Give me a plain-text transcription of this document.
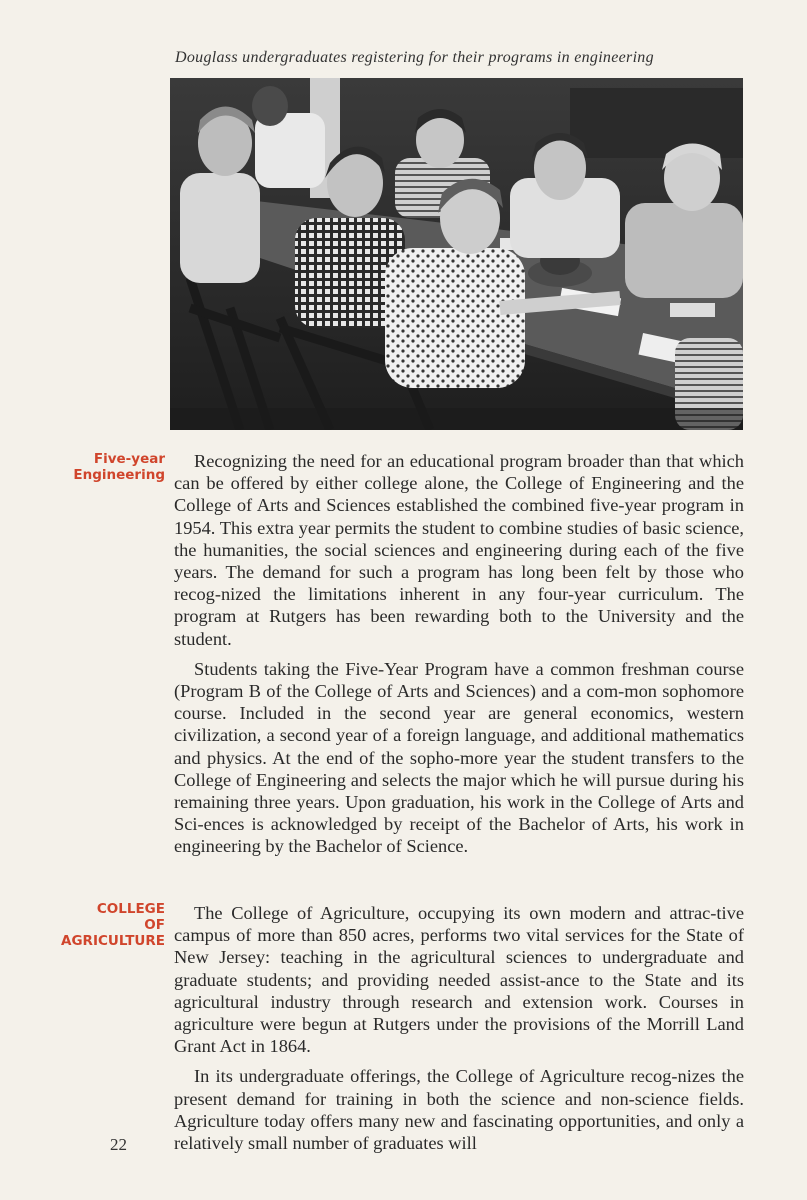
Douglass undergraduates registering for their programs in engineering
Five-year
Engineering

Recognizing the need for an educational program broader than that which can be offered by either college alone, the College of Engineering and the College of Arts and Sciences established the combined five-year program in 1954. This extra year permits the student to combine studies of basic science, the humanities, the social sciences and engineering during each of the five years. The demand for such a program has long been felt by those who recog-nized the limitations inherent in any four-year curriculum. The program at Rutgers has been rewarding both to the University and the student.

Students taking the Five-Year Program have a common freshman course (Program B of the College of Arts and Sciences) and a com-mon sophomore course. Included in the second year are general economics, western civilization, a second year of a foreign language, and additional mathematics and physics. At the end of the sopho-more year the student transfers to the College of Engineering and selects the major which he will pursue during his remaining three years. Upon graduation, his work in the College of Arts and Sci-ences is acknowledged by receipt of the Bachelor of Arts, his work in engineering by the Bachelor of Science.

COLLEGE
OF
AGRICULTURE

The College of Agriculture, occupying its own modern and attrac-tive campus of more than 850 acres, performs two vital services for the State of New Jersey: teaching in the agricultural sciences to undergraduate and graduate students; and providing needed assist-ance to the State and its agricultural industry through research and extension work. Courses in agriculture were begun at Rutgers under the provisions of the Morrill Land Grant Act in 1864.

In its undergraduate offerings, the College of Agriculture recog-nizes the present demand for training in both the science and non-science fields. Agriculture today offers many new and fascinating opportunities, and only a relatively small number of graduates will

22
